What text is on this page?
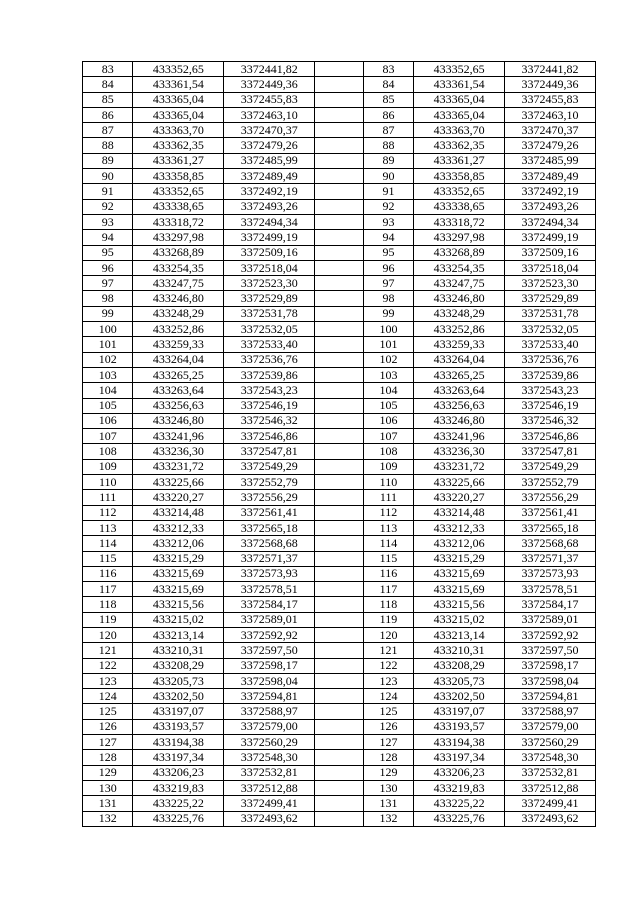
83	433352,65	3372441,82		83	433352,65	3372441,82
84	433361,54	3372449,36		84	433361,54	3372449,36
85	433365,04	3372455,83		85	433365,04	3372455,83
86	433365,04	3372463,10		86	433365,04	3372463,10
87	433363,70	3372470,37		87	433363,70	3372470,37
88	433362,35	3372479,26		88	433362,35	3372479,26
89	433361,27	3372485,99		89	433361,27	3372485,99
90	433358,85	3372489,49		90	433358,85	3372489,49
91	433352,65	3372492,19		91	433352,65	3372492,19
92	433338,65	3372493,26		92	433338,65	3372493,26
93	433318,72	3372494,34		93	433318,72	3372494,34
94	433297,98	3372499,19		94	433297,98	3372499,19
95	433268,89	3372509,16		95	433268,89	3372509,16
96	433254,35	3372518,04		96	433254,35	3372518,04
97	433247,75	3372523,30		97	433247,75	3372523,30
98	433246,80	3372529,89		98	433246,80	3372529,89
99	433248,29	3372531,78		99	433248,29	3372531,78
100	433252,86	3372532,05		100	433252,86	3372532,05
101	433259,33	3372533,40		101	433259,33	3372533,40
102	433264,04	3372536,76		102	433264,04	3372536,76
103	433265,25	3372539,86		103	433265,25	3372539,86
104	433263,64	3372543,23		104	433263,64	3372543,23
105	433256,63	3372546,19		105	433256,63	3372546,19
106	433246,80	3372546,32		106	433246,80	3372546,32
107	433241,96	3372546,86		107	433241,96	3372546,86
108	433236,30	3372547,81		108	433236,30	3372547,81
109	433231,72	3372549,29		109	433231,72	3372549,29
110	433225,66	3372552,79		110	433225,66	3372552,79
111	433220,27	3372556,29		111	433220,27	3372556,29
112	433214,48	3372561,41		112	433214,48	3372561,41
113	433212,33	3372565,18		113	433212,33	3372565,18
114	433212,06	3372568,68		114	433212,06	3372568,68
115	433215,29	3372571,37		115	433215,29	3372571,37
116	433215,69	3372573,93		116	433215,69	3372573,93
117	433215,69	3372578,51		117	433215,69	3372578,51
118	433215,56	3372584,17		118	433215,56	3372584,17
119	433215,02	3372589,01		119	433215,02	3372589,01
120	433213,14	3372592,92		120	433213,14	3372592,92
121	433210,31	3372597,50		121	433210,31	3372597,50
122	433208,29	3372598,17		122	433208,29	3372598,17
123	433205,73	3372598,04		123	433205,73	3372598,04
124	433202,50	3372594,81		124	433202,50	3372594,81
125	433197,07	3372588,97		125	433197,07	3372588,97
126	433193,57	3372579,00		126	433193,57	3372579,00
127	433194,38	3372560,29		127	433194,38	3372560,29
128	433197,34	3372548,30		128	433197,34	3372548,30
129	433206,23	3372532,81		129	433206,23	3372532,81
130	433219,83	3372512,88		130	433219,83	3372512,88
131	433225,22	3372499,41		131	433225,22	3372499,41
132	433225,76	3372493,62		132	433225,76	3372493,62
